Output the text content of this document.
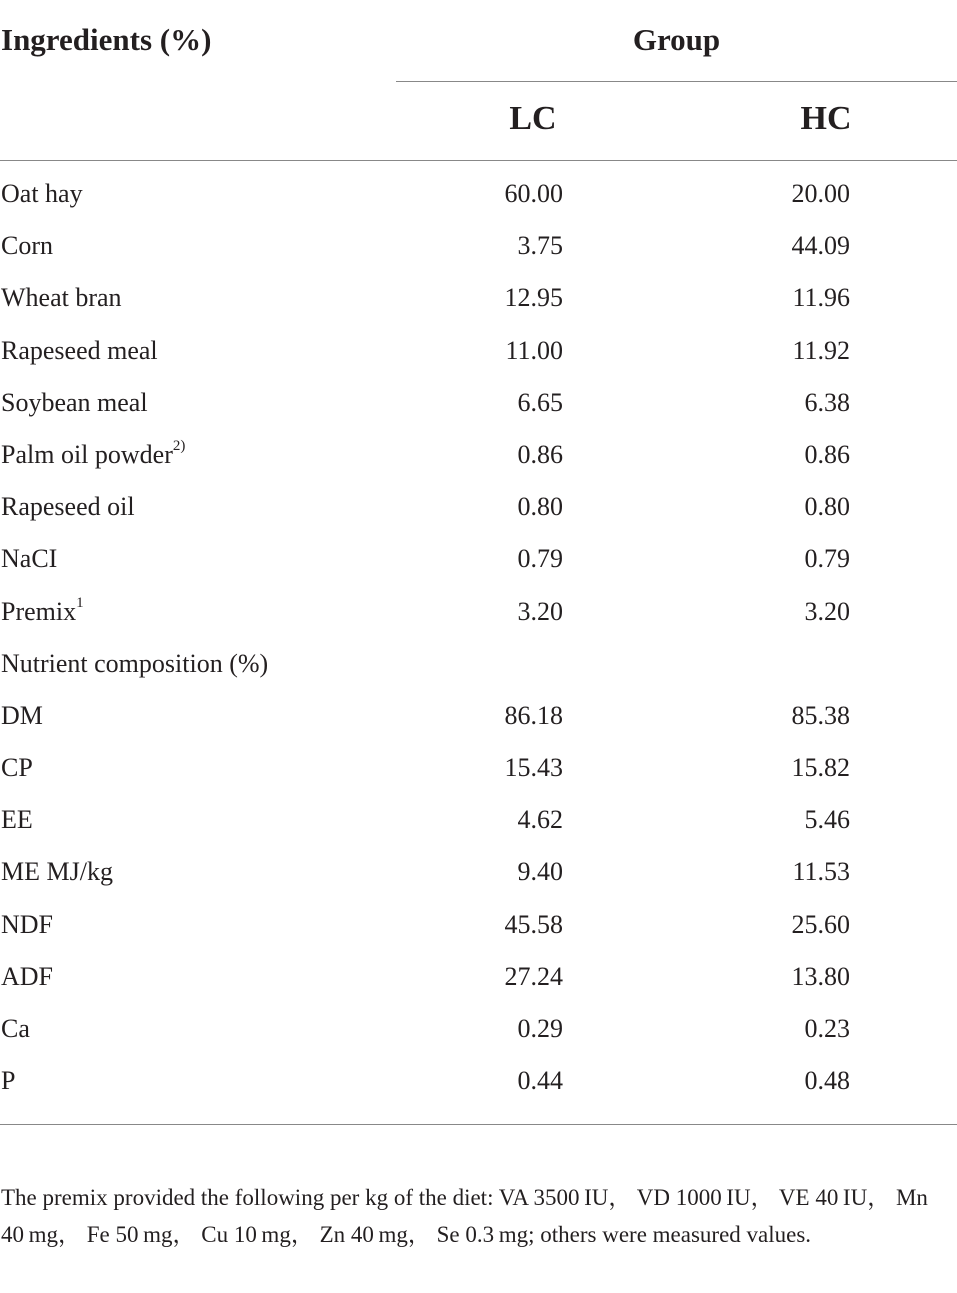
Ingredients (%)	Group
LC	HC
Oat hay	60.00	20.00
Corn	3.75	44.09
Wheat bran	12.95	11.96
Rapeseed meal	11.00	11.92
Soybean meal	6.65	6.38
Palm oil powder$^{2)}$	0.86	0.86
Rapeseed oil	0.80	0.80
NaCI	0.79	0.79
Premix$^1$	3.20	3.20
Nutrient composition (%)
DM	86.18	85.38
CP	15.43	15.82
EE	4.62	5.46
ME MJ/kg	9.40	11.53
NDF	45.58	25.60
ADF	27.24	13.80
Ca	0.29	0.23
P	0.44	0.48
The premix provided the following per kg of the diet: VA 3500 IU， VD 1000 IU， VE 40 IU， Mn 40 mg， Fe 50 mg， Cu 10 mg， Zn 40 mg， Se 0.3 mg; others were measured values.
